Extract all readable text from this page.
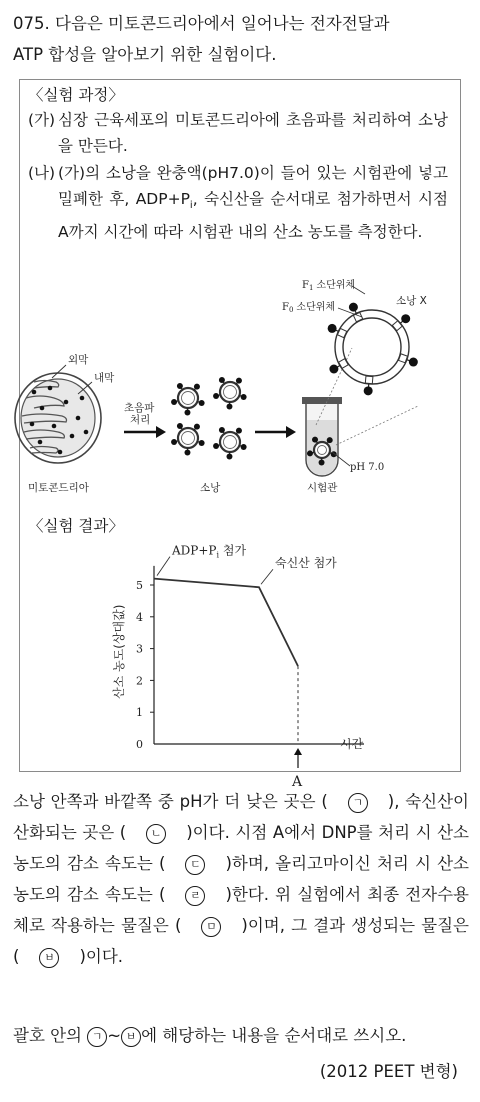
075. 다음은 미토콘드리아에서 일어나는 전자전달과
ATP 합성을 알아보기 위한 실험이다.
〈실험 과정〉
(가) 심장 근육세포의 미토콘드리아에 초음파를 처리하여 소낭을 만든다.
(나) (가)의 소낭을 완충액(pH7.0)이 들어 있는 시험관에 넣고 밀폐한 후, $ADP+P_i$, 숙신산을 순서대로 첨가하면서 시점 A까지 시간에 따라 시험관 내의 산소 농도를 측정한다.
외막
내막
미토콘드리아
초음파
처리
소낭
pH 7.0
시험관
$F_1$ 소단위체
$F_0$ 소단위체
소낭 X
〈실험 결과〉
1
2
3
4
5
0
산소 농도(상대값)
시간
A
$ADP+P_i$ 첨가
숙신산 첨가
소낭 안쪽과 바깥쪽 중 pH가 더 낮은 곳은 ( ㄱ ), 숙신산이 산화되는 곳은 ( ㄴ )이다. 시점 A에서 DNP를 처리 시 산소 농도의 감소 속도는 ( ㄷ )하며, 올리고마이신 처리 시 산소 농도의 감소 속도는 ( ㄹ )한다. 위 실험에서 최종 전자수용체로 작용하는 물질은 ( ㅁ )이며, 그 결과 생성되는 물질은 ( ㅂ )이다.
괄호 안의 ㄱ ~ ㅂ 에 해당하는 내용을 순서대로 쓰시오.
(2012 PEET 변형)
